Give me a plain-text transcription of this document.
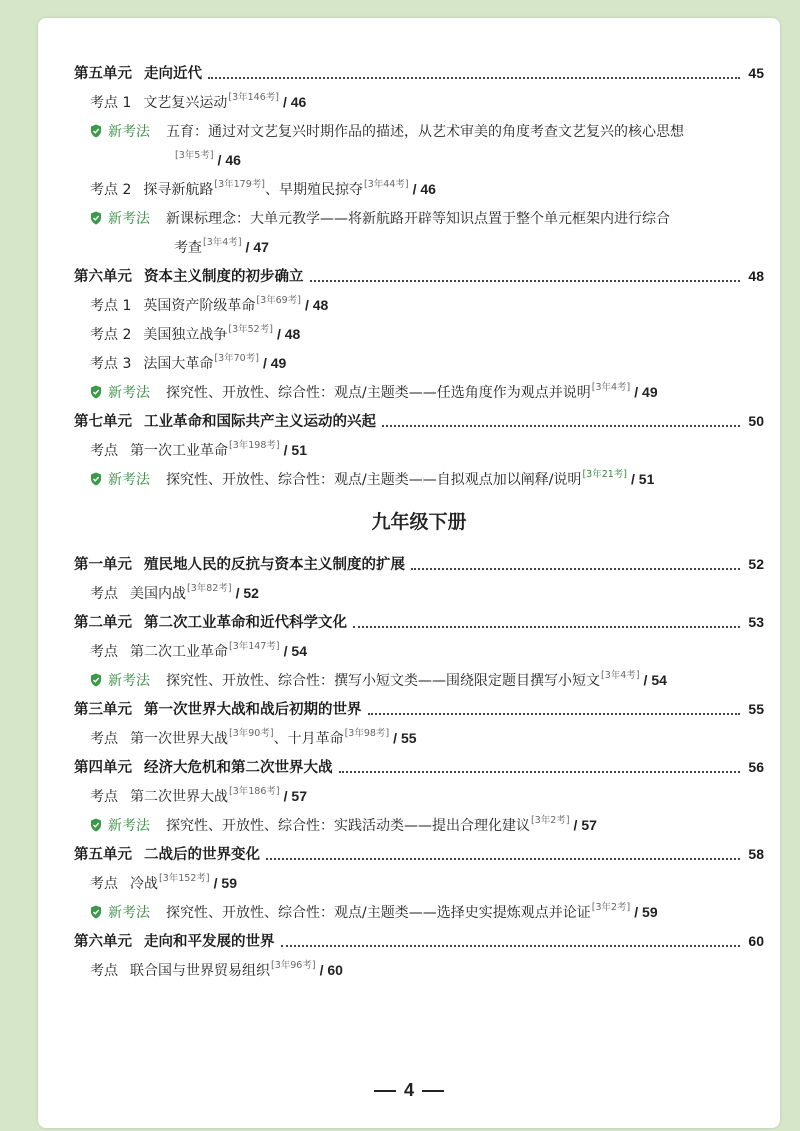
第五单元 走向近代	45
考点 1 文艺复兴运动 [3年146考] / 46
新考法 五育：通过对文艺复兴时期作品的描述，从艺术审美的角度考查文艺复兴的核心思想
[3年5考] / 46
考点 2 探寻新航路 [3年179考] 、早期殖民掠夺 [3年44考] / 46
新考法 新课标理念：大单元教学——将新航路开辟等知识点置于整个单元框架内进行综合
考查 [3年4考] / 47
第六单元 资本主义制度的初步确立	48
考点 1 英国资产阶级革命 [3年69考] / 48
考点 2 美国独立战争 [3年52考] / 48
考点 3 法国大革命 [3年70考] / 49
新考法 探究性、开放性、综合性：观点/主题类——任选角度作为观点并说明 [3年4考] / 49
第七单元 工业革命和国际共产主义运动的兴起	50
考点 第一次工业革命 [3年198考] / 51
新考法 探究性、开放性、综合性：观点/主题类——自拟观点加以阐释/说明 [3年21考] / 51
九年级下册
第一单元 殖民地人民的反抗与资本主义制度的扩展	52
考点 美国内战 [3年82考] / 52
第二单元 第二次工业革命和近代科学文化	53
考点 第二次工业革命 [3年147考] / 54
新考法 探究性、开放性、综合性：撰写小短文类——围绕限定题目撰写小短文 [3年4考] / 54
第三单元 第一次世界大战和战后初期的世界	55
考点 第一次世界大战 [3年90考] 、十月革命 [3年98考] / 55
第四单元 经济大危机和第二次世界大战	56
考点 第二次世界大战 [3年186考] / 57
新考法 探究性、开放性、综合性：实践活动类——提出合理化建议 [3年2考] / 57
第五单元 二战后的世界变化	58
考点 冷战 [3年152考] / 59
新考法 探究性、开放性、综合性：观点/主题类——选择史实提炼观点并论证 [3年2考] / 59
第六单元 走向和平发展的世界	60
考点 联合国与世界贸易组织 [3年96考] / 60
4
